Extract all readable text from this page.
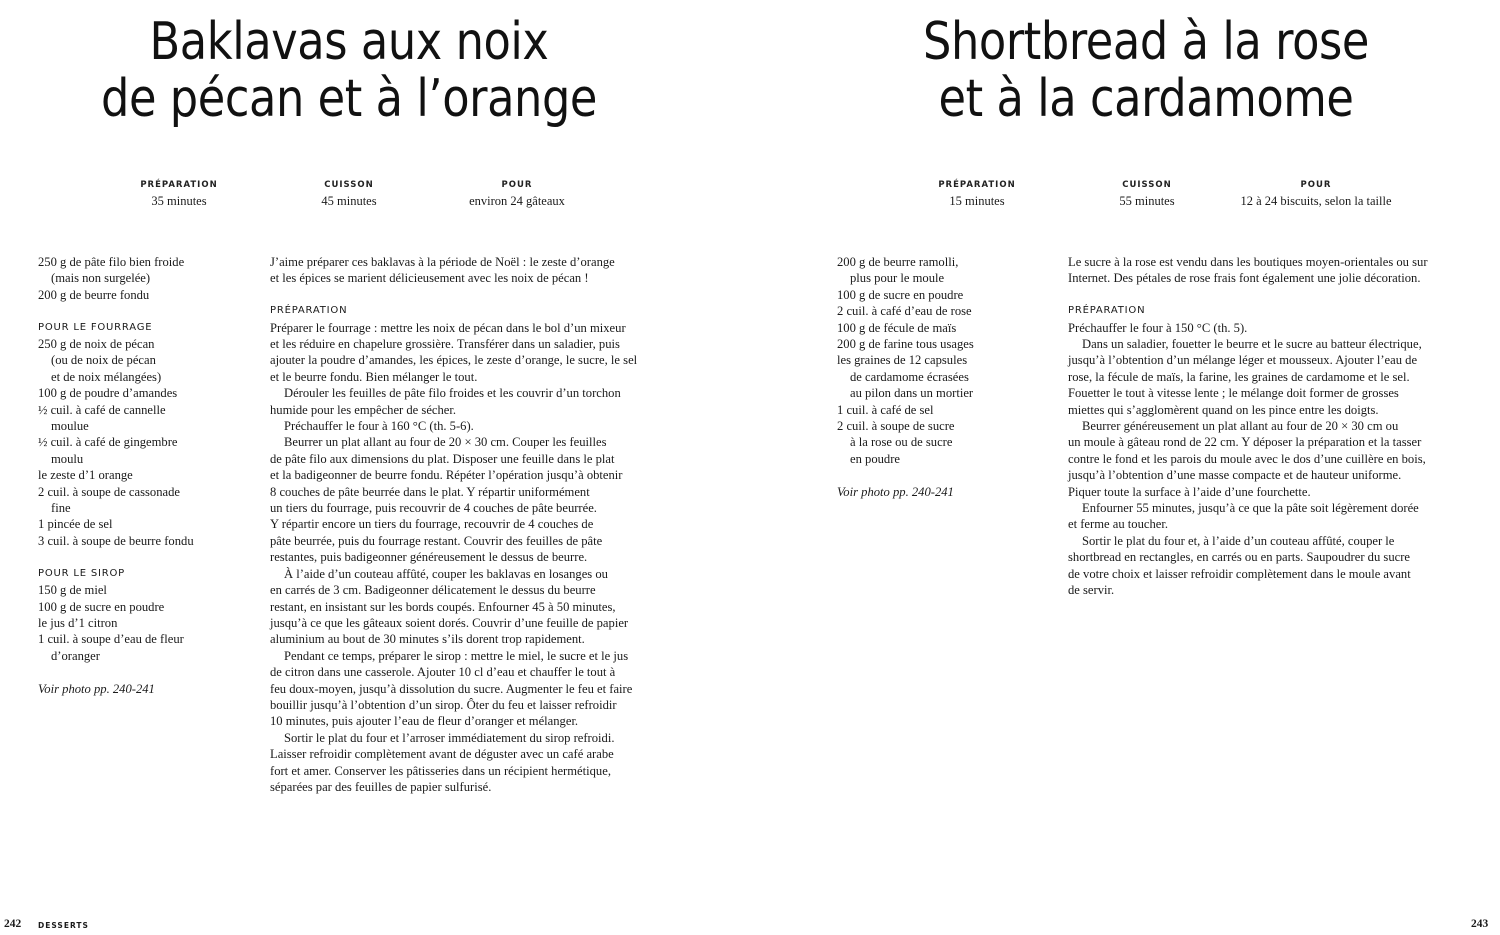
Baklavas aux noix
de pécan et à l’orange
PRÉPARATION
35 minutes
CUISSON
45 minutes
POUR
environ 24 gâteaux

250 g de pâte filo bien froide

(mais non surgelée)

200 g de beurre fondu

POUR LE FOURRAGE

250 g de noix de pécan

(ou de noix de pécan

et de noix mélangées)

100 g de poudre d’amandes

½ cuil. à café de cannelle

moulue

½ cuil. à café de gingembre

moulu

le zeste d’1 orange

2 cuil. à soupe de cassonade

fine

1 pincée de sel

3 cuil. à soupe de beurre fondu

POUR LE SIROP

150 g de miel

100 g de sucre en poudre

le jus d’1 citron

1 cuil. à soupe d’eau de fleur

d’oranger

Voir photo pp. 240-241

J’aime préparer ces baklavas à la période de Noël : le zeste d’orange

et les épices se marient délicieusement avec les noix de pécan !

PRÉPARATION

Préparer le fourrage : mettre les noix de pécan dans le bol d’un mixeur

et les réduire en chapelure grossière. Transférer dans un saladier, puis

ajouter la poudre d’amandes, les épices, le zeste d’orange, le sucre, le sel

et le beurre fondu. Bien mélanger le tout.

Dérouler les feuilles de pâte filo froides et les couvrir d’un torchon

humide pour les empêcher de sécher.

Préchauffer le four à 160 °C (th. 5-6).

Beurrer un plat allant au four de 20 × 30 cm. Couper les feuilles

de pâte filo aux dimensions du plat. Disposer une feuille dans le plat

et la badigeonner de beurre fondu. Répéter l’opération jusqu’à obtenir

8 couches de pâte beurrée dans le plat. Y répartir uniformément

un tiers du fourrage, puis recouvrir de 4 couches de pâte beurrée.

Y répartir encore un tiers du fourrage, recouvrir de 4 couches de

pâte beurrée, puis du fourrage restant. Couvrir des feuilles de pâte

restantes, puis badigeonner généreusement le dessus de beurre.

À l’aide d’un couteau affûté, couper les baklavas en losanges ou

en carrés de 3 cm. Badigeonner délicatement le dessus du beurre

restant, en insistant sur les bords coupés. Enfourner 45 à 50 minutes,

jusqu’à ce que les gâteaux soient dorés. Couvrir d’une feuille de papier

aluminium au bout de 30 minutes s’ils dorent trop rapidement.

Pendant ce temps, préparer le sirop : mettre le miel, le sucre et le jus

de citron dans une casserole. Ajouter 10 cl d’eau et chauffer le tout à

feu doux-moyen, jusqu’à dissolution du sucre. Augmenter le feu et faire

bouillir jusqu’à l’obtention d’un sirop. Ôter du feu et laisser refroidir

10 minutes, puis ajouter l’eau de fleur d’oranger et mélanger.

Sortir le plat du four et l’arroser immédiatement du sirop refroidi.

Laisser refroidir complètement avant de déguster avec un café arabe

fort et amer. Conserver les pâtisseries dans un récipient hermétique,

séparées par des feuilles de papier sulfurisé.

242 DESSERTS
Shortbread à la rose
et à la cardamome
PRÉPARATION
15 minutes
CUISSON
55 minutes
POUR
12 à 24 biscuits, selon la taille

200 g de beurre ramolli,

plus pour le moule

100 g de sucre en poudre

2 cuil. à café d’eau de rose

100 g de fécule de maïs

200 g de farine tous usages

les graines de 12 capsules

de cardamome écrasées

au pilon dans un mortier

1 cuil. à café de sel

2 cuil. à soupe de sucre

à la rose ou de sucre

en poudre

Voir photo pp. 240-241

Le sucre à la rose est vendu dans les boutiques moyen-orientales ou sur

Internet. Des pétales de rose frais font également une jolie décoration.

PRÉPARATION

Préchauffer le four à 150 °C (th. 5).

Dans un saladier, fouetter le beurre et le sucre au batteur électrique,

jusqu’à l’obtention d’un mélange léger et mousseux. Ajouter l’eau de

rose, la fécule de maïs, la farine, les graines de cardamome et le sel.

Fouetter le tout à vitesse lente ; le mélange doit former de grosses

miettes qui s’agglomèrent quand on les pince entre les doigts.

Beurrer généreusement un plat allant au four de 20 × 30 cm ou

un moule à gâteau rond de 22 cm. Y déposer la préparation et la tasser

contre le fond et les parois du moule avec le dos d’une cuillère en bois,

jusqu’à l’obtention d’une masse compacte et de hauteur uniforme.

Piquer toute la surface à l’aide d’une fourchette.

Enfourner 55 minutes, jusqu’à ce que la pâte soit légèrement dorée

et ferme au toucher.

Sortir le plat du four et, à l’aide d’un couteau affûté, couper le

shortbread en rectangles, en carrés ou en parts. Saupoudrer du sucre

de votre choix et laisser refroidir complètement dans le moule avant

de servir.

243
